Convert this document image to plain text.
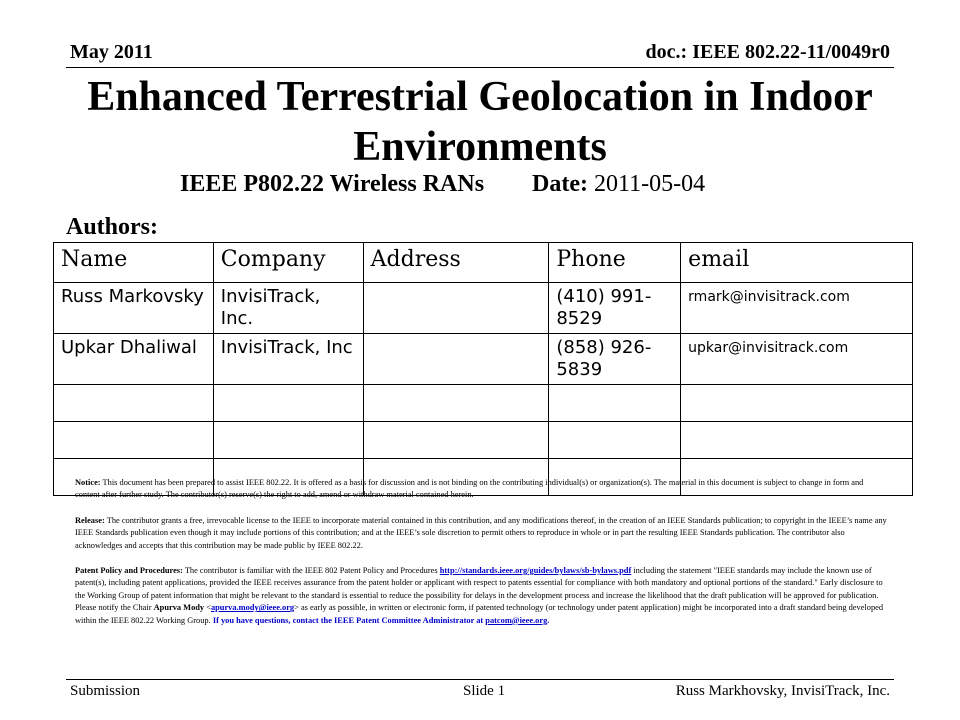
May 2011	doc.: IEEE 802.22-11/0049r0
Enhanced Terrestrial Geolocation in Indoor Environments
IEEE P802.22 Wireless RANs Date: 2011-05-04
Authors:
Name	Company	Address	Phone	email
Russ Markovsky	InvisiTrack, Inc.		(410) 991-8529	rmark@invisitrack.com
Upkar Dhaliwal	InvisiTrack, Inc		(858) 926-5839	upkar@invisitrack.com

Notice: This document has been prepared to assist IEEE 802.22. It is offered as a basis for discussion and is not binding on the contributing individual(s) or organization(s). The material in this document is subject to change in form and content after further study. The contributor(s) reserve(s) the right to add, amend or withdraw material contained herein.

Release: The contributor grants a free, irrevocable license to the IEEE to incorporate material contained in this contribution, and any modifications thereof, in the creation of an IEEE Standards publication; to copyright in the IEEE’s name any IEEE Standards publication even though it may include portions of this contribution; and at the IEEE’s sole discretion to permit others to reproduce in whole or in part the resulting IEEE Standards publication. The contributor also acknowledges and accepts that this contribution may be made public by IEEE 802.22.

Patent Policy and Procedures: The contributor is familiar with the IEEE 802 Patent Policy and Procedures http://standards.ieee.org/guides/bylaws/sb-bylaws.pdf including the statement "IEEE standards may include the known use of patent(s), including patent applications, provided the IEEE receives assurance from the patent holder or applicant with respect to patents essential for compliance with both mandatory and optional portions of the standard." Early disclosure to the Working Group of patent information that might be relevant to the standard is essential to reduce the possibility for delays in the development process and increase the likelihood that the draft publication will be approved for publication. Please notify the Chair Apurva Mody <apurva.mody@ieee.org> as early as possible, in written or electronic form, if patented technology (or technology under patent application) might be incorporated into a draft standard being developed within the IEEE 802.22 Working Group. If you have questions, contact the IEEE Patent Committee Administrator at patcom@ieee.org.

Submission	Slide 1	Russ Markhovsky, InvisiTrack, Inc.
